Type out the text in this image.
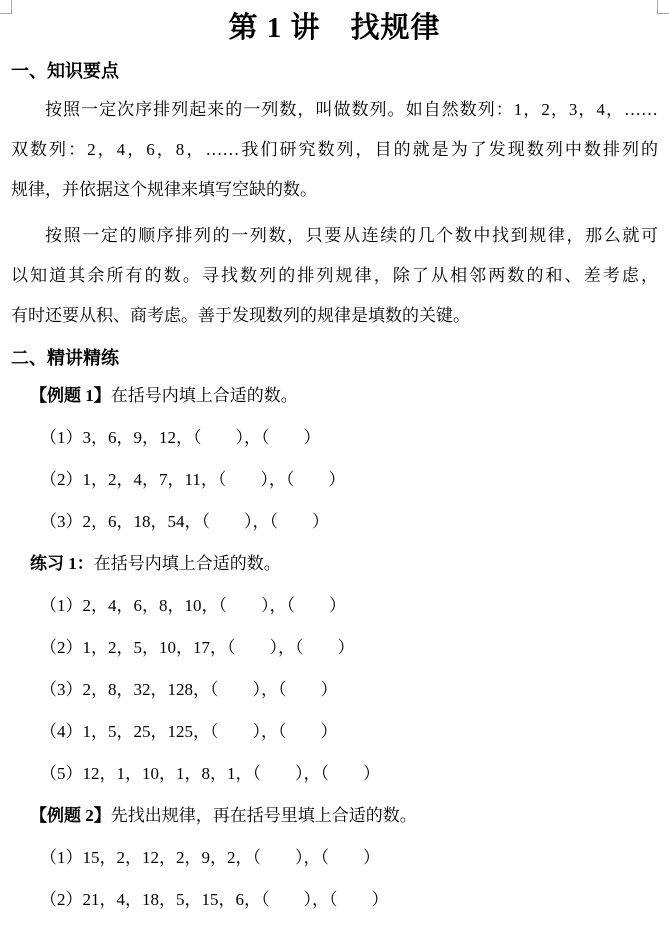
第 1 讲　找规律
一、知识要点
按照一定次序排列起来的一列数，叫做数列。如自然数列：1，2，3，4，……
双数列：2，4，6，8，……我们研究数列，目的就是为了发现数列中数排列的
规律，并依据这个规律来填写空缺的数。
按照一定的顺序排列的一列数，只要从连续的几个数中找到规律，那么就可
以知道其余所有的数。寻找数列的排列规律，除了从相邻两数的和、差考虑，
有时还要从积、商考虑。善于发现数列的规律是填数的关键。
二、精讲精练
【例题 1】在括号内填上合适的数。
（1）3，6，9，12，（　　），（　　）
（2）1，2，4，7，11，（　　），（　　）
（3）2，6，18，54，（　　），（　　）
练习 1：在括号内填上合适的数。
（1）2，4，6，8，10，（　　），（　　）
（2）1，2，5，10，17，（　　），（　　）
（3）2，8，32，128，（　　），（　　）
（4）1，5，25，125，（　　），（　　）
（5）12，1，10，1，8，1，（　　），（　　）
【例题 2】先找出规律，再在括号里填上合适的数。
（1）15，2，12，2，9，2，（　　），（　　）
（2）21，4，18，5，15，6，（　　），（　　）
